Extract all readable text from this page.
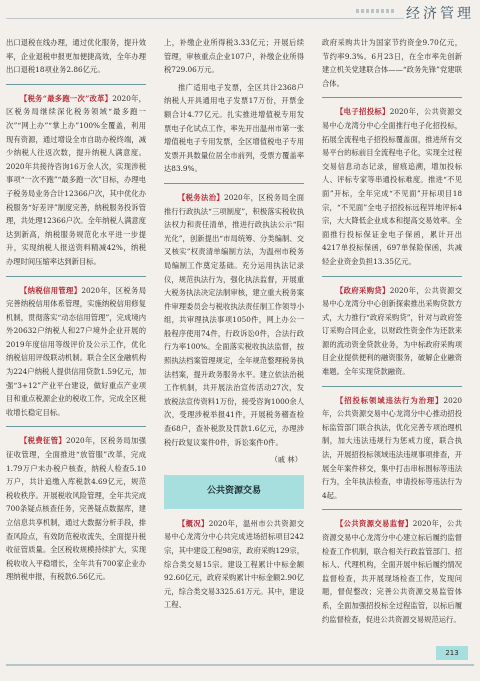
经济管理

出口退税在线办理，通过优化服务，提升效率，企业退税申报更加便捷高效，全年办理出口退税18项业务2.86亿元。

【税务“最多跑一次”改革】2020年，区税务局继续深化税务领域“最多跑一次”“网上办”“掌上办”100%全覆盖，利用现有资源，通过增设全市自助办税终端，减少纳税人往返次数，提升纳税人满意度。2020年共接待咨询16万余人次，实现涉税事项“一次不跑”“最多跑一次”目标，办理电子税务局业务合计12366户次，其中优化办税服务“好差评”制度完善，纳税服务投诉管理，共处理12366户次。全年纳税人满意度达到新高，纳税服务规范化水平进一步提升，实现纳税人报送资料精减42%，纳税办理时间压缩率达到新目标。

【纳税信用管理】2020年，区税务局完善纳税信用体系管理，实施纳税信用修复机制，贯彻落实“动态信用管理”，完成境内外20632户纳税人和27户境外企业开展的2019年度信用等级评价及公示工作，优化纳税信用评级联动机制。联合全区金融机构为224户纳税人提供信用贷款1.59亿元，加强“3+12”产业平台建设，做好重点产业项目和重点税源企业的税收工作，完成全区税收增长稳定目标。

【税费征管】2020年，区税务局加强征收管理，全面推进“放管服”改革，完成1.79万户未办税户核查，纳税人检查5.10万户，共计追缴入库税款4.69亿元，规范税收秩序。开展税收风险管理，全年共完成700条疑点核查任务，完善疑点数据库，建立信息共享机制，通过大数据分析手段，排查风险点，有效防范税收流失，全面提升税收征管质量。全区税收规模持续扩大，实现税收收入平稳增长，全年共有700家企业办理纳税申报，有税款6.56亿元。

上，补缴企业所得税3.33亿元；开展后续管理，审核重点企业107户，补缴企业所得税729.06万元。

推广适用电子发票，全区共计2368户纳税人开具通用电子发票17万份，开票金额合计4.77亿元。扎实推进增值税专用发票电子化试点工作，率先开出温州市第一张增值税电子专用发票，全区增值税电子专用发票开具数量位居全市前列，受票方覆盖率达83.9%。

【税务法治】2020年，区税务局全面推行行政执法“三项制度”，积极落实税收执法权力和责任清单，推进行政执法公示“阳光化”，创新提出“市局统筹、分类编制、交叉核实”权责清单编制方法，为温州市税务局编制工作奠定基础。充分运用执法记录仪，规范执法行为，强化执法监督，开展重大税务执法决定法制审核，建立重大税务案件审理委员会与税收执法责任制工作领导小组，共审理执法事项1050件，网上办公一般程序使用74件，行政诉讼0件，合法行政行为率100%。全面落实税收执法监督，按照执法档案管理规定，全年规范整理税务执法档案，提升政务服务水平。建立依法治税工作机制，共开展法治宣传活动27次，发放税法宣传资料1万份，接受咨询1000余人次，受理涉税举报41件，开展税务稽查检查68户，查补税款及罚款1.6亿元，办理涉税行政复议案件0件，诉讼案件0件。

（戚 林）
公共资源交易

【概况】2020年，温州市公共资源交易中心龙湾分中心共完成进场招标项目242宗，其中建设工程98宗，政府采购129宗，综合类交易15宗。建设工程累计中标金额92.60亿元，政府采购累计中标金额2.90亿元，综合类交易3325.61万元。其中，建设工程、

政府采购共计为国家节约资金9.70亿元，节约率9.3%。6月23日，在全市率先创新建立机关党建联合体——“政务先锋”党建联合体。

【电子招投标】2020年，公共资源交易中心龙湾分中心全面推行电子化招投标，拓展全流程电子招投标覆盖面，推进所有交易平台的标前目全流程电子化，实现全过程交易信息动态记录，留痕追溯，增加投标人、评标专家等串通投标难度。推进“不见面”开标，全年完成“不见面”开标项目18宗，“不见面”全电子招投标远程异地评标4宗，大大降低企业成本和提高交易效率。全面推行投标保证金电子保函，累计开出4217单投标保函，697单保险保函，共减轻企业资金负担13.35亿元。

【政府采购贷】2020年，公共资源交易中心龙湾分中心创新探索推出采购贷款方式，大力推行“政府采购贷”，针对与政府签订采购合同企业，以财政性资金作为还款来源的流动资金贷款业务，为中标政府采购项目企业提供便利的融资服务，破解企业融资难题。全年实现贷款融资。

【招投标领域违法行为治理】2020年，公共资源交易中心龙湾分中心推动招投标监管部门联合执法，优化完善专项治理机制，加大违法违规行为惩戒力度，联合执法，开展招投标领域违法违规事项排查，开展全年案件移交，集中打击串标围标等违法行为，全年执法检查，申请投标等违法行为4起。

【公共资源交易监督】2020年，公共资源交易中心龙湾分中心建立标后履约监督检查工作机制，联合相关行政监管部门、招标人、代理机构，全面开展中标后履约情况监督检查，共开展现场检查工作，发现问题，督促整改；完善公共资源交易监管体系，全面加强招投标全过程监管，以标后履约监督检查，促进公共资源交易规范运行。

213
